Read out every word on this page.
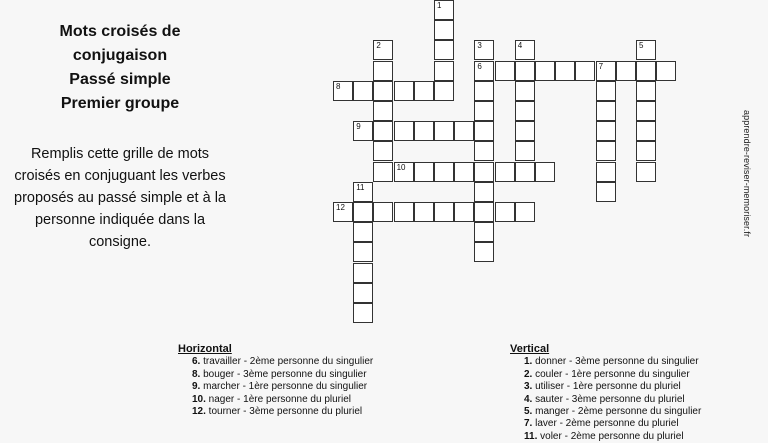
Mots croisés de
conjugaison
Passé simple
Premier groupe
Remplis cette grille de mots croisés en conjuguant les verbes proposés au passé simple et à la personne indiquée dans la consigne.
1
2	3
6
4	5
7
8
9
10
11
12	apprendre-reviser-memoriser.fr
Horizontal
6. travailler - 2ème personne du singulier
8. bouger - 3ème personne du singulier
9. marcher - 1ère personne du singulier
10. nager - 1ère personne du pluriel
12. tourner - 3ème personne du pluriel
Vertical
1. donner - 3ème personne du singulier
2. couler - 1ère personne du singulier
3. utiliser - 1ère personne du pluriel
4. sauter - 3ème personne du pluriel
5. manger - 2ème personne du singulier
7. laver - 2ème personne du pluriel
11. voler - 2ème personne du pluriel
